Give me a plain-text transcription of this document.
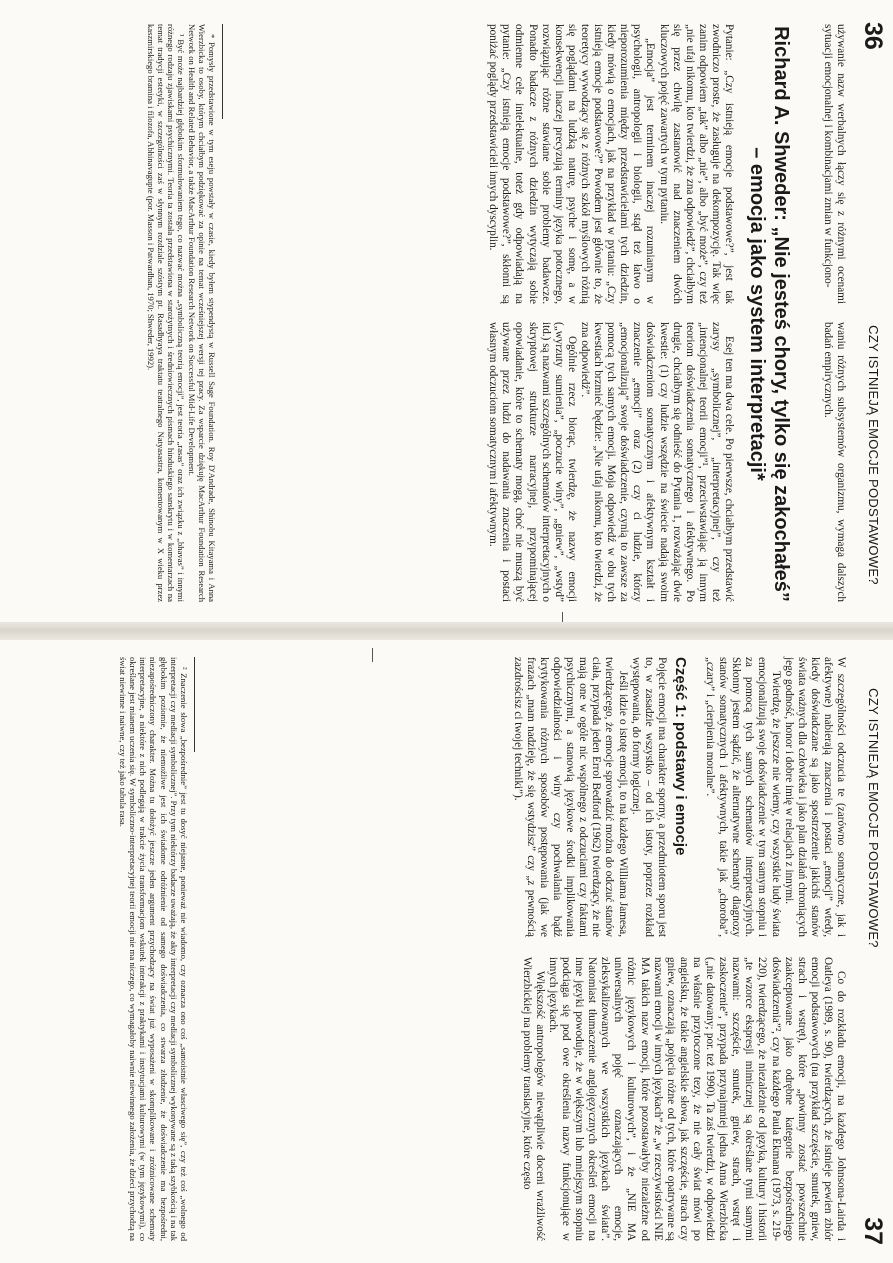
36
CZY ISTNIEJĄ EMOCJE PODSTAWOWE?

używanie nazw werbalnych łączy się z różnymi ocenami sytuacji emocjonalnej i kombinacjami zmian w funkcjono-

waniu różnych subsystemów organizmu, wymaga dalszych badań empirycznych.

Richard A. Shweder: „Nie jesteś chory, tylko się zakochałeś” – emocja jako system interpretacji*

Pytanie: „Czy istnieją emocje podstawowe?”, jest tak zwodniczo proste, że zasługuje na dekompozycję. Tak więc zanim odpowiem „tak” albo „nie”, albo „być może”, czy też „nie ufaj nikomu, kto twierdzi, że zna odpowiedź”, chciałbym się przez chwilę zastanowić nad znaczeniem dwóch kluczowych pojęć zawartych w tym pytaniu.

„Emocja” jest terminem inaczej rozumianym w psychologii, antropologii i biologii, stąd też łatwo o nieporozumienia między przedstawicielami tych dziedzin, kiedy mówią o emocjach, jak na przykład w pytaniu: „Czy istnieją emocje podstawowe?” Powodem jest głównie to, że teoretycy wywodzący się z różnych szkół myślowych różnią się poglądami na ludzką naturę, psyche i somę, a w konsekwencji inaczej precyzują terminy języka potocznego, rozwiązując różne stawiane sobie problemy badawcze. Ponadto badacze z różnych dziedzin wytyczają sobie odmienne cele intelektualne, toteż gdy odpowiadają na pytanie: „Czy istnieją emocje podstawowe?”, skłonni są poniżać poglądy przedstawicieli innych dyscyplin.

Esej ten ma dwa cele. Po pierwsze, chciałbym przedstawić zarysy „symbolicznej”, „interpretacyjnej”, czy też „intencjonalnej teorii emocji”¹, przeciwstawiając ją innym teoriom doświadczenia somatycznego i afektywnego. Po drugie, chciałbym się odnieść do Pytania 1, rozważając dwie kwestie: (1) czy ludzie wszędzie na świecie nadają swoim doświadczeniom somatycznym i afektywnym kształt i znaczenie „emocji” oraz (2) czy ci ludzie, którzy „emocjonalizują” swoje doświadczenie, czynią to zawsze za pomocą tych samych emocji. Moja odpowiedź w obu tych kwestiach brzmieć będzie: „Nie ufaj nikomu, kto twierdzi, że zna odpowiedź”.

Ogólnie rzecz biorąc, twierdzę, że nazwy emocji („wyrzuty sumienia”, „poczucie winy”, „gniew”, „wstyd” itd.) są nazwami szczególnych schematów interpretacyjnych o skryptowej strukturze narracyjnej, przypominającej opowiadanie, które to schematy mogą, choć nie muszą być używane przez ludzi do nadawania znaczenia i postaci własnym odczuciom somatycznym i afektywnym.

* Pomysły przedstawione w tym eseju powstały w czasie, kiedy byłem stypendystą w Russell Sage Foundation. Roy D'Andrade, Shinobu Kitayama i Anna Wierzbicka to osoby, którym chciałbym podziękować za opinie na temat wcześniejszej wersji tej pracy. Za wsparcie dziękuję MacArthur Foundation Research Network on Health and Related Behavior, a także MacArthur Foundation Research Network on Successful Mid-Life Development.

¹ Być może najbardziej głębokim sformułowaniem tego, co nazwać można „symboliczną teorią emocji”, jest teoria „rasas” oraz ich związku z „bhavas” i innymi różnego rodzaju zjawiskami psychicznymi. Teoria ta została przedstawiona w starożytnych i średniowiecznych pismach hinduskiego sanskrytu i w komentarzach na temat tradycji estetyki, w szczególności zaś w słynnym rozdziale szóstym pt. Rasadhyaya traktatu teatralnego Natyasastra, komentowanym w X wieku przez kaszmirskiego bramina i filozofa, Abhinavagupte (por. Masson i Patwardhan, 1970; Shweder, 1992).

CZY ISTNIEJĄ EMOCJE PODSTAWOWE?
37

W szczególności odczucia te (zarówno somatyczne, jak i afektywne) nabierają znaczenia i postaci „emocji” wtedy, kiedy doświadczane są jako spostrzeżenie jakichś stanów świata ważnych dla człowieka i jako plan działań chroniących jego godność, honor i dobre imię w relacjach z innymi.

Twierdzę, że jeszcze nie wiemy, czy wszystkie ludy świata emocjonalizują swoje doświadczenie w tym samym stopniu i za pomocą tych samych schematów interpretacyjnych. Skłonny jestem sądzić, że alternatywne schematy diagnozy stanów somatycznych i afektywnych, takie jak „choroba”, „czary” i „cierpienia moralne”.

Część 1: podstawy i emocje

Pojęcie emocji ma charakter sporny, a przedmiotem sporu jest to, w zasadzie wszystko – od ich istoty, poprzez rozkład występowania, do formy logicznej.

Jeśli idzie o istotę emocji, to na każdego Williama Jamesa, twierdzącego, że emocje sprowadzić można do odczuć stanów ciała, przypada jeden Errol Bedford (1962) twierdzący, że nie mają one w ogóle nic wspólnego z odczuciami czy faktami psychicznymi, a stanowią językowe środki implikowania odpowiedzialności i winy czy pochwalania bądź krytykowania różnych sposobów postępowania (jak we frazach „mam nadzieję, że się wstydzisz” czy „z pewnością zazdrościsz ci twojej techniki”).

Co do rozkładu emocji, na każdego Johnsona-Lairda i Oatleya (1989, s. 90), twierdzących, że istnieje pewien zbiór emocji podstawowych (na przykład szczęście, smutek, gniew, strach i wstręt), które „powinny zostać powszechnie zaakceptowane jako odrębne kategorie bezpośredniego doświadczenia”², czy na każdego Paula Ekmana (1973, s. 219-220), twierdzącego, że niezależnie od języka, kultury i historii „te wzorce ekspresji mimicznej są określane tymi samymi nazwami: szczęście, smutek, gniew, strach, wstręt i zaskoczenie”, przypada przynajmniej jedna Anna Wierzbicka („nie datowany; por. też 1990). Ta zaś twierdzi, w odpowiedzi na właśnie przytoczone tezy, że nie cały świat mówi po angielsku, że takie angielskie słowa, jak szczęście, strach czy gniew, oznaczają „pojęcia różne od tych, które opatrywane są nazwami emocji w innych językach” że „w rzeczywistości NIE MA takich nazw emocji, które pozostawałyby niezależne od różnic językowych i kulturowych”, i że „NIE MA uniwersalnych pojęć oznaczających emocje, zleksykalizowanych we wszystkich językach świata”. Natomiast tłumaczenie anglojęzycznych określeń emocji na inne języki powoduje, że w większym lub mniejszym stopniu podciąga się pod owe określenia nazwy funkcjonujące w innych językach.

Większość antropologów niewątpliwie doceni wrażliwość Wierzbickiej na problemy translacyjne, które często

² Znaczenie słowa „bezpośrednie” jest tu dosyć niejasne, ponieważ nie wiadomo, czy oznacza ono coś „samoistnie własciwego się”, czy też coś „wolnego od interpretacji czy mediacji symbolicznej”. Przy tym niektórzy badacze uważają, że akty interpretacji czy mediacji symbolicznej wykonywane są z taką szybkością i na tak głębokim poziomie, że niemożliwe jest ich świadome odróżnienie od samego doświadczenia, co stwarza złudzenie, że doświadczenie ma bezpośredni, niezapośredniczony charakter. Można tu dołożyć jeszcze jeden argument przychodzący na świat już wyposażeni w skomplikowane i zróżnicowane schematy interpretacyjne, a niektóre z nich podlegają w trakcie życia transformacjom wskutek interakcji z praktykami i instytucjami kulturowymi (w tym językowymi), co określane jest mianem uczenia się. W symboliczno-interpretacyjnej teorii emocji nie ma niczego, co wymagałoby naiwnie niewinnego założenia, że dzieci przychodzą na świat niewinne i naiwne, czy też jako tabula rasa.
